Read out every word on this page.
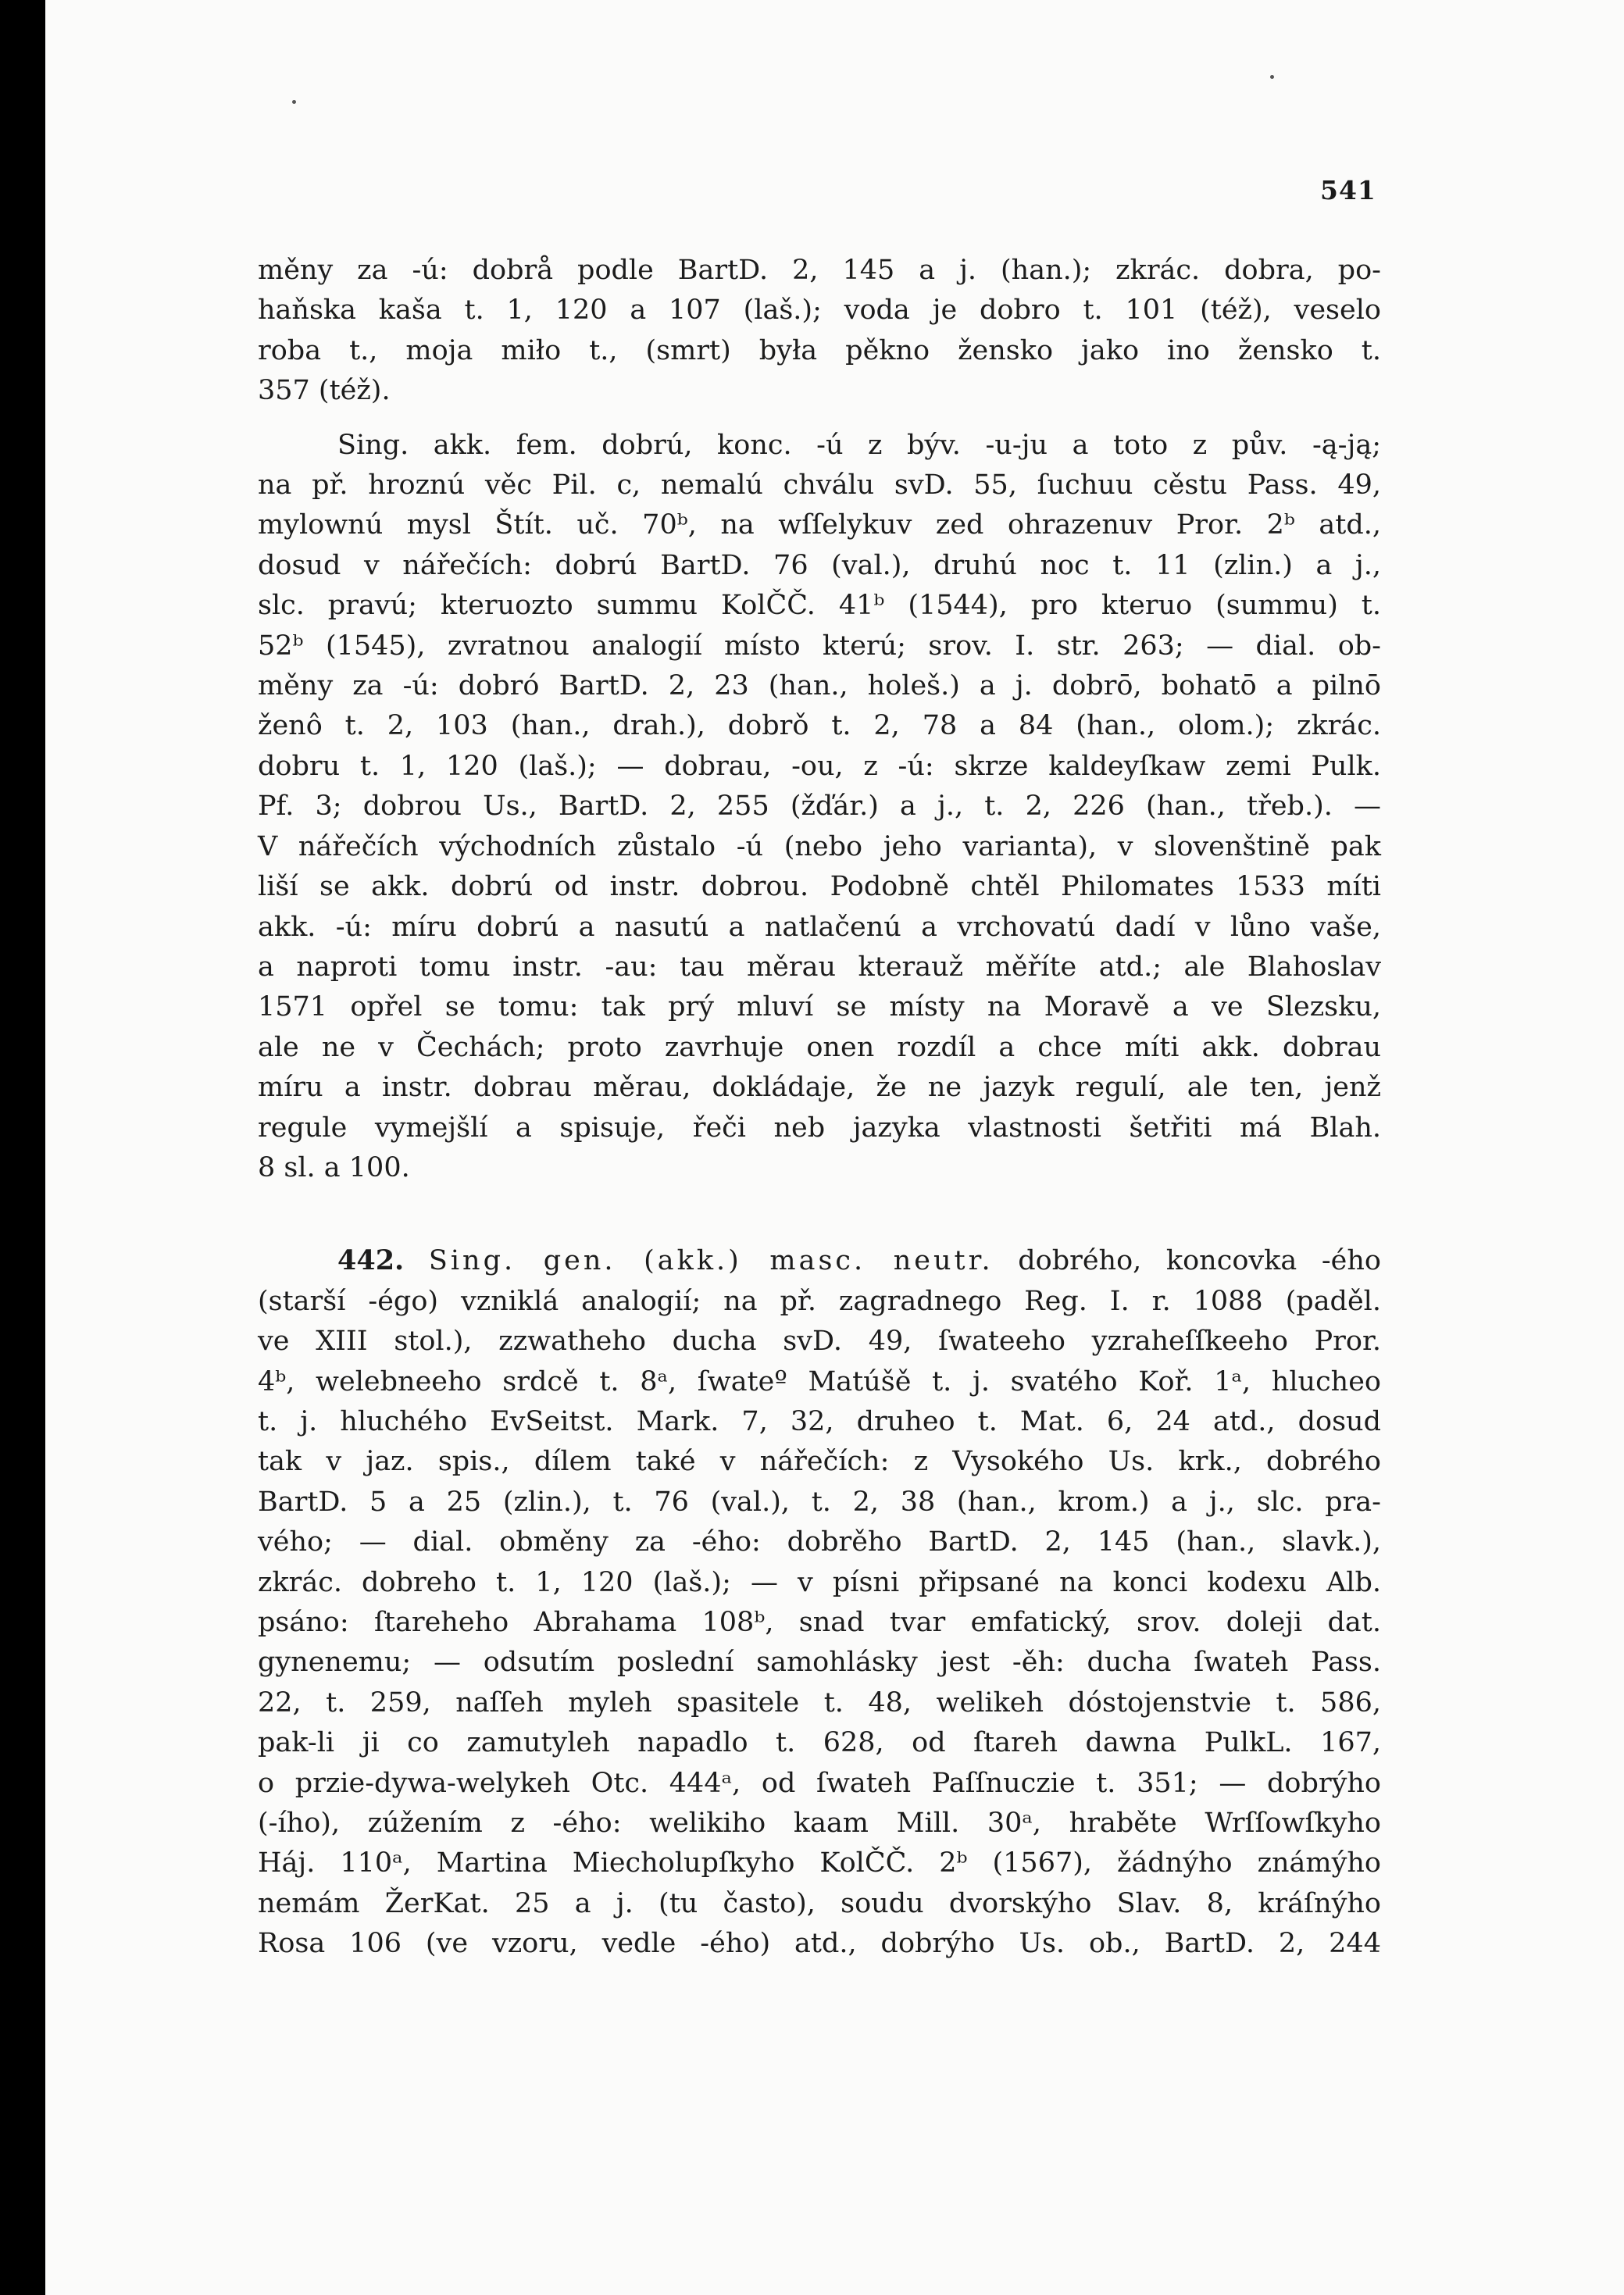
541

měny za -ú: dobrå podle BartD. 2, 145 a j. (han.); zkrác. dobra, po-
haňska kaša t. 1, 120 a 107 (laš.); voda je dobro t. 101 (též), veselo
roba t., moja miło t., (smrt) była pěkno žensko jako ino žensko t.
357 (též).

Sing. akk. fem. dobrú, konc. -ú z býv. -u-ju a toto z pův. -ą-ją;
na př. hroznú věc Pil. c, nemalú chválu svD. 55, ſuchuu cěstu Pass. 49,
mylownú mysl Štít. uč. 70ᵇ, na wſſelykuv zed ohrazenuv Pror. 2ᵇ atd.,
dosud v nářečích: dobrú BartD. 76 (val.), druhú noc t. 11 (zlin.) a j.,
slc. pravú; kteruozto summu KolČČ. 41ᵇ (1544), pro kteruo (summu) t.
52ᵇ (1545), zvratnou analogií místo kterú; srov. I. str. 263; — dial. ob-
měny za -ú: dobró BartD. 2, 23 (han., holeš.) a j. dobrō, bohatō a pilnō
ženô t. 2, 103 (han., drah.), dobrǒ t. 2, 78 a 84 (han., olom.); zkrác.
dobru t. 1, 120 (laš.); — dobrau, -ou, z -ú: skrze kaldeyſkaw zemi Pulk.
Pf. 3; dobrou Us., BartD. 2, 255 (žďár.) a j., t. 2, 226 (han., třeb.). —
V nářečích východních zůstalo -ú (nebo jeho varianta), v slovenštině pak
liší se akk. dobrú od instr. dobrou. Podobně chtěl Philomates 1533 míti
akk. -ú: míru dobrú a nasutú a natlačenú a vrchovatú dadí v lůno vaše,
a naproti tomu instr. -au: tau měrau kterauž měříte atd.; ale Blahoslav
1571 opřel se tomu: tak prý mluví se místy na Moravě a ve Slezsku,
ale ne v Čechách; proto zavrhuje onen rozdíl a chce míti akk. dobrau
míru a instr. dobrau měrau, dokládaje, že ne jazyk regulí, ale ten, jenž
regule vymejšlí a spisuje, řeči neb jazyka vlastnosti šetřiti má Blah.
8 sl. a 100.

442. Sing. gen. (akk.) masc. neutr. dobrého, koncovka -ého
(starší -égo) vzniklá analogií; na př. zagradnego Reg. I. r. 1088 (paděl.
ve XIII stol.), zzwatheho ducha svD. 49, ſwateeho yzraheſſkeeho Pror.
4ᵇ, welebneeho srdcě t. 8ᵃ, ſwateº Matúšě t. j. svatého Koř. 1ᵃ, hlucheo
t. j. hluchého EvSeitst. Mark. 7, 32, druheo t. Mat. 6, 24 atd., dosud
tak v jaz. spis., dílem také v nářečích: z Vysokého Us. krk., dobrého
BartD. 5 a 25 (zlin.), t. 76 (val.), t. 2, 38 (han., krom.) a j., slc. pra-
vého; — dial. obměny za -ého: dobrěho BartD. 2, 145 (han., slavk.),
zkrác. dobreho t. 1, 120 (laš.); — v písni připsané na konci kodexu Alb.
psáno: ſtareheho Abrahama 108ᵇ, snad tvar emfatický, srov. doleji dat.
gynenemu; — odsutím poslední samohlásky jest -ěh: ducha ſwateh Pass.
22, t. 259, naſſeh myleh spasitele t. 48, welikeh dóstojenstvie t. 586,
pak-li ji co zamutyleh napadlo t. 628, od ſtareh dawna PulkL. 167,
o przie-dywa-welykeh Otc. 444ᵃ, od ſwateh Paſſnuczie t. 351; — dobrýho
(-ího), zúžením z -ého: welikiho kaam Mill. 30ᵃ, hraběte Wrſſowſkyho
Háj. 110ᵃ, Martina Miecholupſkyho KolČČ. 2ᵇ (1567), žádnýho známýho
nemám ŽerKat. 25 a j. (tu často), soudu dvorskýho Slav. 8, kráſnýho
Rosa 106 (ve vzoru, vedle -ého) atd., dobrýho Us. ob., BartD. 2, 244
